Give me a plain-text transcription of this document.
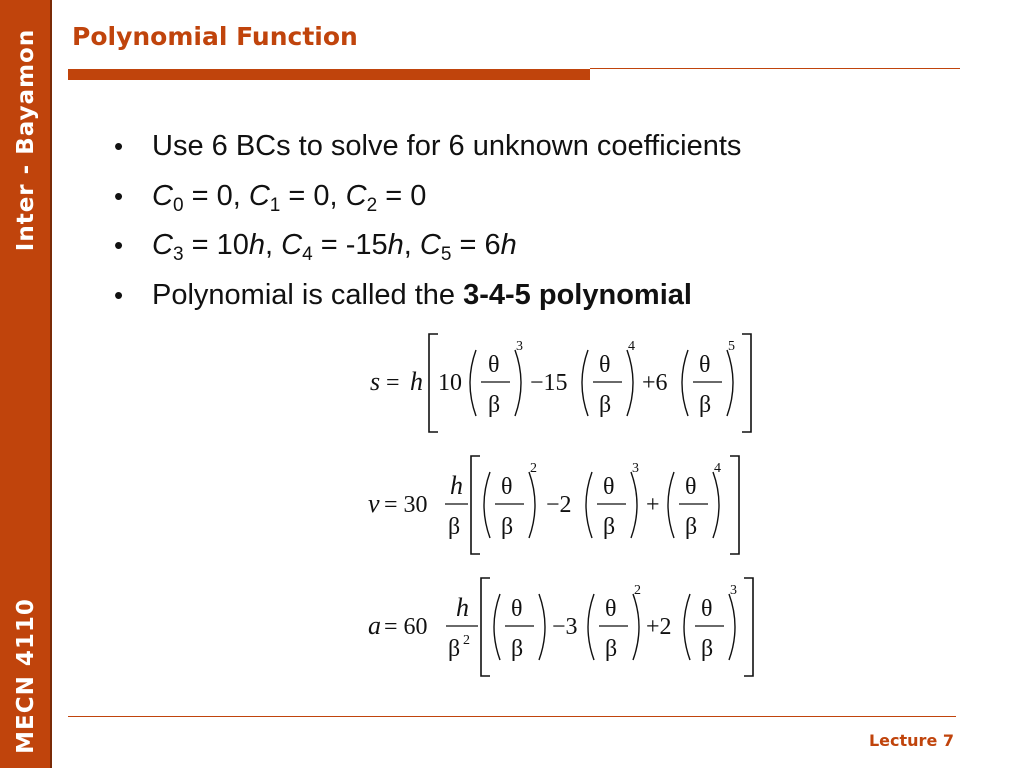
Inter - Bayamon
MECN 4110
Polynomial Function
• Use 6 BCs to solve for 6 unknown coefficients
• $C_0 = 0$, $C_1 = 0$, $C_2 = 0$
• $C_3 = 10h$, $C_4 = -15h$, $C_5 = 6h$
• Polynomial is called the 3-4-5 polynomial
s = h 10
θ
β
3
−15
θ
β
4
+6
θ
β
5
v = 30
h
β
θ
β
2
−2
θ
β
3
+
θ
β
4
a = 60
h
β 2
θ
β
−3
θ
β
2
+2
θ
β
3
Lecture 7
